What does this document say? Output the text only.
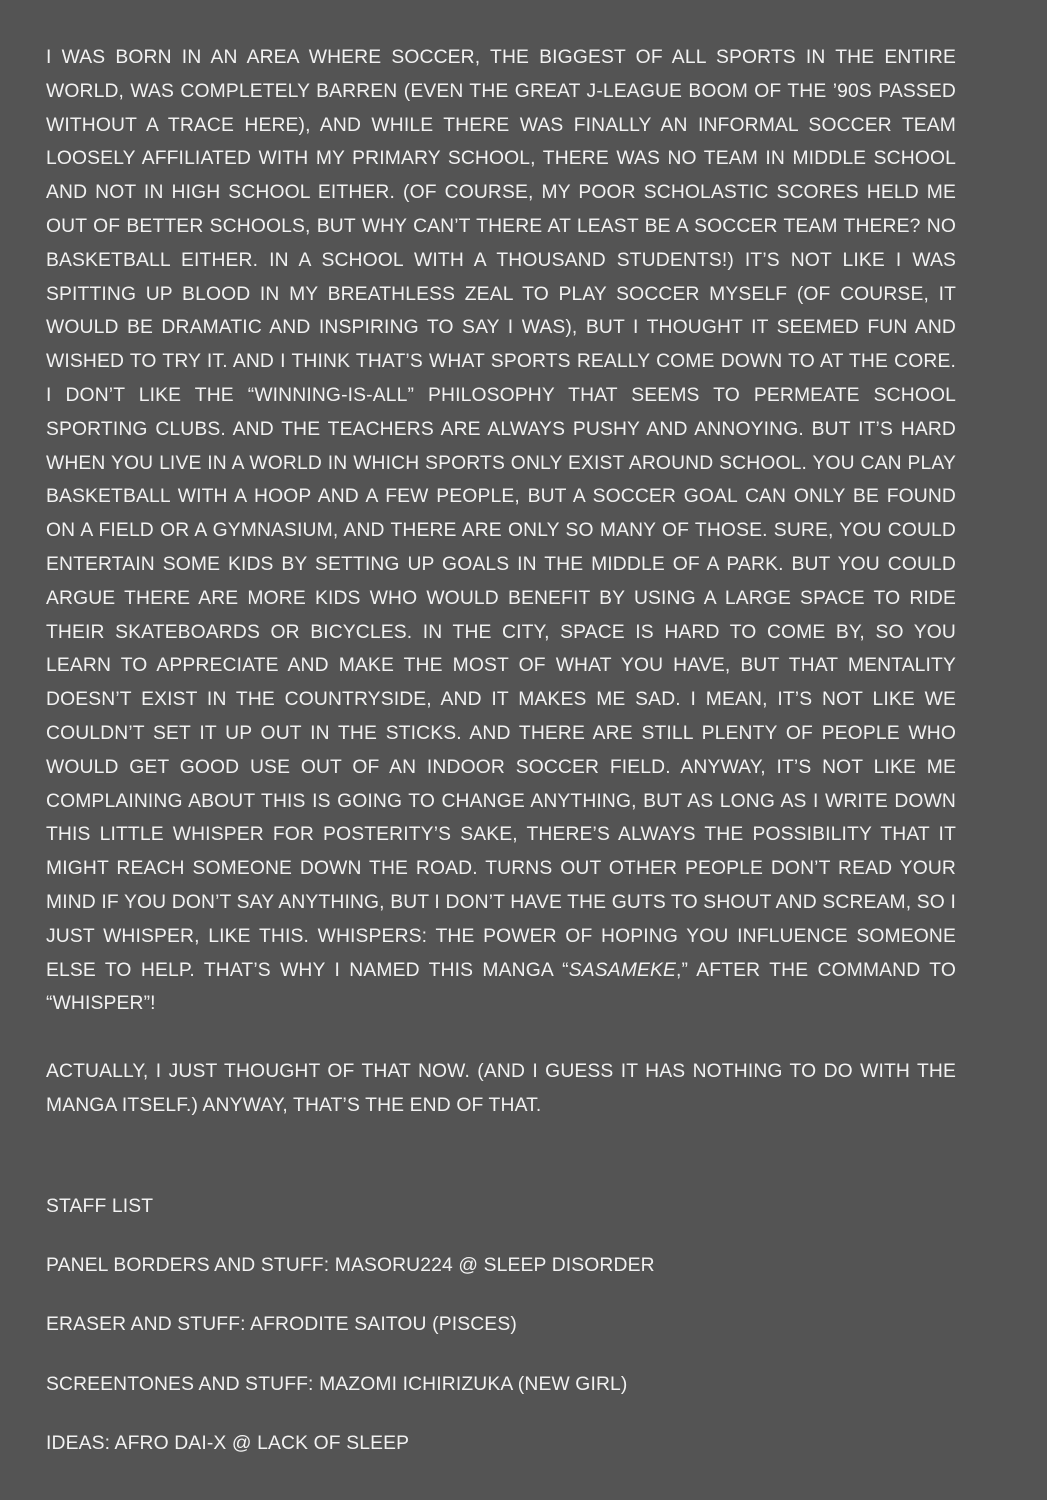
I WAS BORN IN AN AREA WHERE SOCCER, THE BIGGEST OF ALL SPORTS IN THE ENTIRE WORLD, WAS COMPLETELY BARREN (EVEN THE GREAT J-LEAGUE BOOM OF THE ’90S PASSED WITHOUT A TRACE HERE), AND WHILE THERE WAS FINALLY AN INFORMAL SOCCER TEAM LOOSELY AFFILIATED WITH MY PRIMARY SCHOOL, THERE WAS NO TEAM IN MIDDLE SCHOOL AND NOT IN HIGH SCHOOL EITHER. (OF COURSE, MY POOR SCHOLASTIC SCORES HELD ME OUT OF BETTER SCHOOLS, BUT WHY CAN’T THERE AT LEAST BE A SOCCER TEAM THERE? NO BASKETBALL EITHER. IN A SCHOOL WITH A THOUSAND STUDENTS!) IT’S NOT LIKE I WAS SPITTING UP BLOOD IN MY BREATHLESS ZEAL TO PLAY SOCCER MYSELF (OF COURSE, IT WOULD BE DRAMATIC AND INSPIRING TO SAY I WAS), BUT I THOUGHT IT SEEMED FUN AND WISHED TO TRY IT. AND I THINK THAT’S WHAT SPORTS REALLY COME DOWN TO AT THE CORE. I DON’T LIKE THE “WINNING-IS-ALL” PHILOSOPHY THAT SEEMS TO PERMEATE SCHOOL SPORTING CLUBS. AND THE TEACHERS ARE ALWAYS PUSHY AND ANNOYING. BUT IT’S HARD WHEN YOU LIVE IN A WORLD IN WHICH SPORTS ONLY EXIST AROUND SCHOOL. YOU CAN PLAY BASKETBALL WITH A HOOP AND A FEW PEOPLE, BUT A SOCCER GOAL CAN ONLY BE FOUND ON A FIELD OR A GYMNASIUM, AND THERE ARE ONLY SO MANY OF THOSE. SURE, YOU COULD ENTERTAIN SOME KIDS BY SETTING UP GOALS IN THE MIDDLE OF A PARK. BUT YOU COULD ARGUE THERE ARE MORE KIDS WHO WOULD BENEFIT BY USING A LARGE SPACE TO RIDE THEIR SKATEBOARDS OR BICYCLES. IN THE CITY, SPACE IS HARD TO COME BY, SO YOU LEARN TO APPRECIATE AND MAKE THE MOST OF WHAT YOU HAVE, BUT THAT MENTALITY DOESN’T EXIST IN THE COUNTRYSIDE, AND IT MAKES ME SAD. I MEAN, IT’S NOT LIKE WE COULDN’T SET IT UP OUT IN THE STICKS. AND THERE ARE STILL PLENTY OF PEOPLE WHO WOULD GET GOOD USE OUT OF AN INDOOR SOCCER FIELD. ANYWAY, IT’S NOT LIKE ME COMPLAINING ABOUT THIS IS GOING TO CHANGE ANYTHING, BUT AS LONG AS I WRITE DOWN THIS LITTLE WHISPER FOR POSTERITY’S SAKE, THERE’S ALWAYS THE POSSIBILITY THAT IT MIGHT REACH SOMEONE DOWN THE ROAD. TURNS OUT OTHER PEOPLE DON’T READ YOUR MIND IF YOU DON’T SAY ANYTHING, BUT I DON’T HAVE THE GUTS TO SHOUT AND SCREAM, SO I JUST WHISPER, LIKE THIS. WHISPERS: THE POWER OF HOPING YOU INFLUENCE SOMEONE ELSE TO HELP. THAT’S WHY I NAMED THIS MANGA “SASAMEKE,” AFTER THE COMMAND TO “WHISPER”!

ACTUALLY, I JUST THOUGHT OF THAT NOW. (AND I GUESS IT HAS NOTHING TO DO WITH THE MANGA ITSELF.) ANYWAY, THAT’S THE END OF THAT.

STAFF LIST

PANEL BORDERS AND STUFF: MASORU224 @ SLEEP DISORDER

ERASER AND STUFF: AFRODITE SAITOU (PISCES)

SCREENTONES AND STUFF: MAZOMI ICHIRIZUKA (NEW GIRL)

IDEAS: AFRO DAI-X @ LACK OF SLEEP
